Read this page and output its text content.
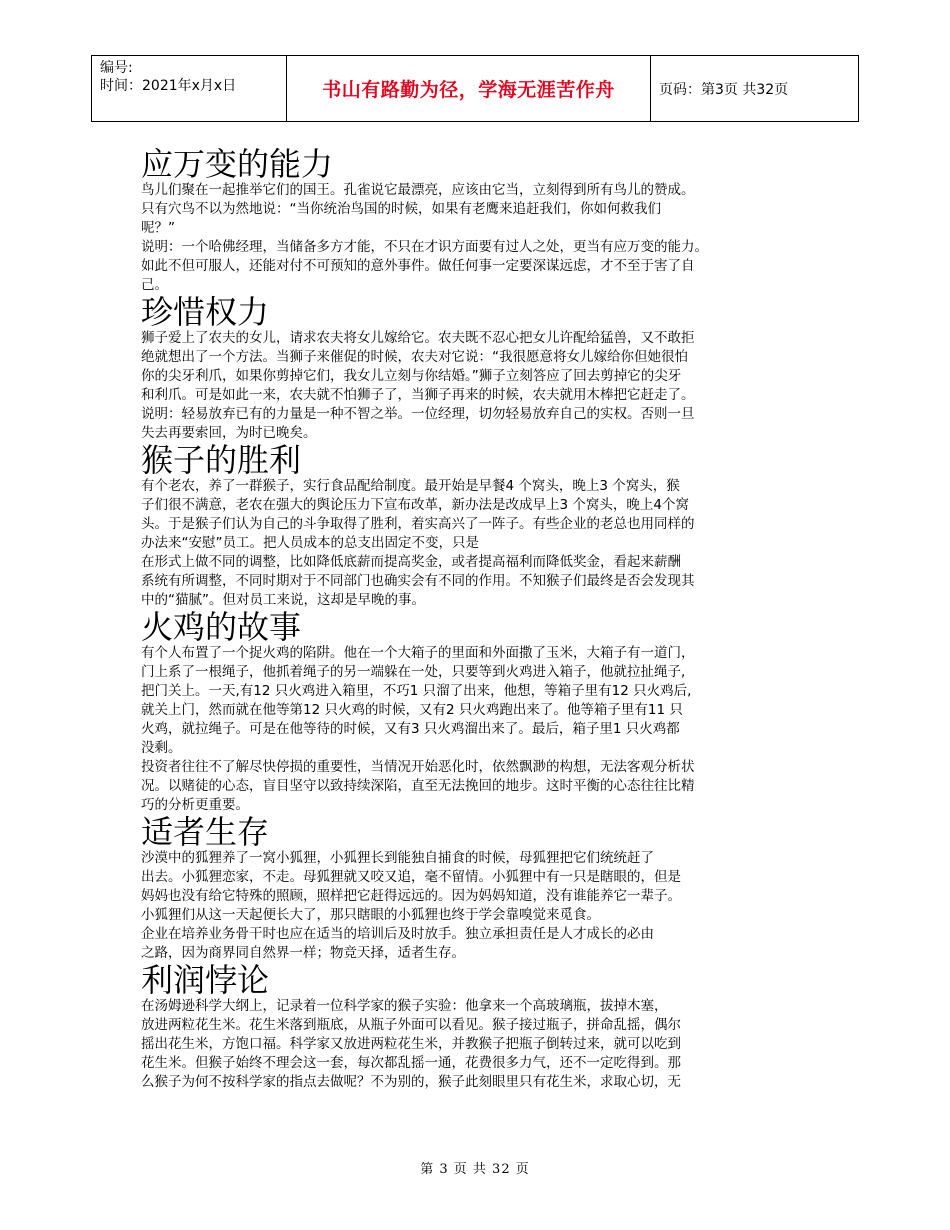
编号:
时间：2021年x月x日	书山有路勤为径，学海无涯苦作舟	页码：第3页 共32页
应万变的能力
鸟儿们聚在一起推举它们的国王。孔雀说它最漂亮，应该由它当，立刻得到所有鸟儿的赞成。
只有穴鸟不以为然地说：“当你统治鸟国的时候，如果有老鹰来追赶我们，你如何救我们
呢？”
说明：一个哈佛经理，当储备多方才能，不只在才识方面要有过人之处，更当有应万变的能力。
如此不但可服人，还能对付不可预知的意外事件。做任何事一定要深谋远虑，才不至于害了自
己。
珍惜权力
狮子爱上了农夫的女儿，请求农夫将女儿嫁给它。农夫既不忍心把女儿许配给猛兽，又不敢拒
绝就想出了一个方法。当狮子来催促的时候，农夫对它说：“我很愿意将女儿嫁给你但她很怕
你的尖牙利爪，如果你剪掉它们，我女儿立刻与你结婚。”狮子立刻答应了回去剪掉它的尖牙
和利爪。可是如此一来，农夫就不怕狮子了，当狮子再来的时候，农夫就用木棒把它赶走了。
说明：轻易放弃已有的力量是一种不智之举。一位经理，切勿轻易放弃自己的实权。否则一旦
失去再要索回，为时已晚矣。
猴子的胜利
有个老农，养了一群猴子，实行食品配给制度。最开始是早餐4 个窝头，晚上3 个窝头，猴
子们很不满意，老农在强大的舆论压力下宣布改革，新办法是改成早上3 个窝头，晚上4个窝
头。于是猴子们认为自己的斗争取得了胜利，着实高兴了一阵子。有些企业的老总也用同样的
办法来“安慰”员工。把人员成本的总支出固定不变，只是
在形式上做不同的调整，比如降低底薪而提高奖金，或者提高福利而降低奖金，看起来薪酬
系统有所调整，不同时期对于不同部门也确实会有不同的作用。不知猴子们最终是否会发现其
中的“猫腻”。但对员工来说，这却是早晚的事。
火鸡的故事
有个人布置了一个捉火鸡的陷阱。他在一个大箱子的里面和外面撒了玉米，大箱子有一道门，
门上系了一根绳子，他抓着绳子的另一端躲在一处，只要等到火鸡进入箱子，他就拉扯绳子,
把门关上。一天,有12 只火鸡进入箱里，不巧1 只溜了出来，他想，等箱子里有12 只火鸡后,
就关上门，然而就在他等第12 只火鸡的时候，又有2 只火鸡跑出来了。他等箱子里有11 只
火鸡，就拉绳子。可是在他等待的时候，又有3 只火鸡溜出来了。最后，箱子里1 只火鸡都
没剩。
投资者往往不了解尽快停损的重要性，当情况开始恶化时，依然飘渺的构想，无法客观分析状
况。以赌徒的心态，盲目坚守以致持续深陷，直至无法挽回的地步。这时平衡的心态往往比精
巧的分析更重要。
适者生存
沙漠中的狐狸养了一窝小狐狸，小狐狸长到能独自捕食的时候，母狐狸把它们统统赶了
出去。小狐狸恋家，不走。母狐狸就又咬又追，毫不留情。小狐狸中有一只是瞎眼的，但是
妈妈也没有给它特殊的照顾，照样把它赶得远远的。因为妈妈知道，没有谁能养它一辈子。
小狐狸们从这一天起便长大了，那只瞎眼的小狐狸也终于学会靠嗅觉来觅食。
企业在培养业务骨干时也应在适当的培训后及时放手。独立承担责任是人才成长的必由
之路，因为商界同自然界一样；物竞天择，适者生存。
利润悖论
在汤姆逊科学大纲上，记录着一位科学家的猴子实验：他拿来一个高玻璃瓶，拔掉木塞，
放进两粒花生米。花生米落到瓶底，从瓶子外面可以看见。猴子接过瓶子，拼命乱摇，偶尔
摇出花生米，方饱口福。科学家又放进两粒花生米，并教猴子把瓶子倒转过来，就可以吃到
花生米。但猴子始终不理会这一套，每次都乱摇一通，花费很多力气，还不一定吃得到。那
么猴子为何不按科学家的指点去做呢？不为别的，猴子此刻眼里只有花生米，求取心切，无
第 3 页 共 32 页
